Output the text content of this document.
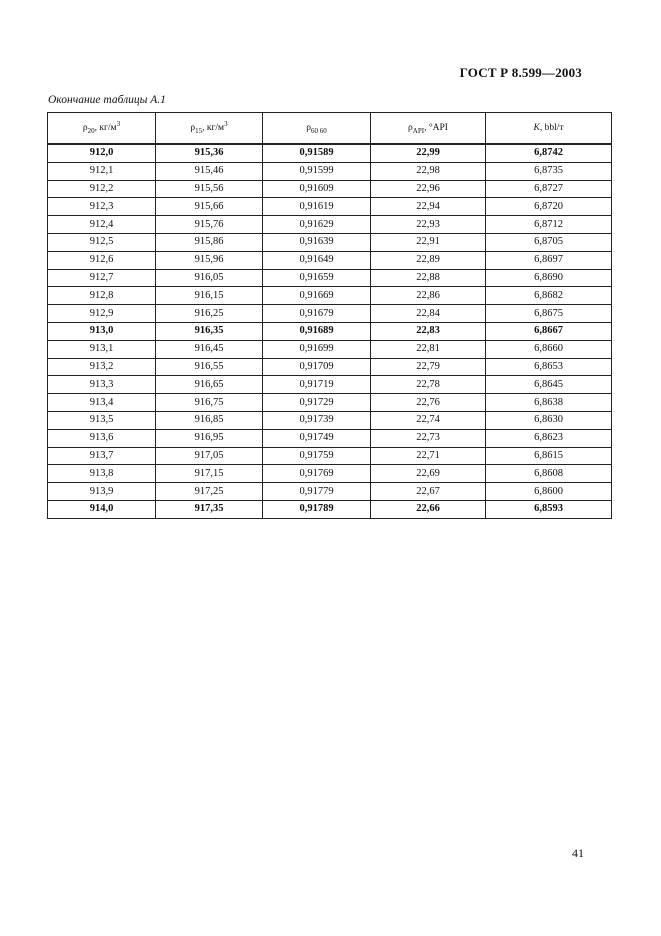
ГОСТ Р 8.599—2003
Окончание таблицы А.1
$\rho_{20}$, $кг/м^3$	$\rho_{15}$, $кг/м^3$	$\rho_{60 60}$	$\rho_{API}$, °API	K, bbl/т
912,0	915,36	0,91589	22,99	6,8742
912,1	915,46	0,91599	22,98	6,8735
912,2	915,56	0,91609	22,96	6,8727
912,3	915,66	0,91619	22,94	6,8720
912,4	915,76	0,91629	22,93	6,8712
912,5	915,86	0,91639	22,91	6,8705
912,6	915,96	0,91649	22,89	6,8697
912,7	916,05	0,91659	22,88	6,8690
912,8	916,15	0,91669	22,86	6,8682
912,9	916,25	0,91679	22,84	6,8675
913,0	916,35	0,91689	22,83	6,8667
913,1	916,45	0,91699	22,81	6,8660
913,2	916,55	0,91709	22,79	6,8653
913,3	916,65	0,91719	22,78	6,8645
913,4	916,75	0,91729	22,76	6,8638
913,5	916,85	0,91739	22,74	6,8630
913,6	916,95	0,91749	22,73	6,8623
913,7	917,05	0,91759	22,71	6,8615
913,8	917,15	0,91769	22,69	6,8608
913,9	917,25	0,91779	22,67	6,8600
914,0	917,35	0,91789	22,66	6,8593
41
